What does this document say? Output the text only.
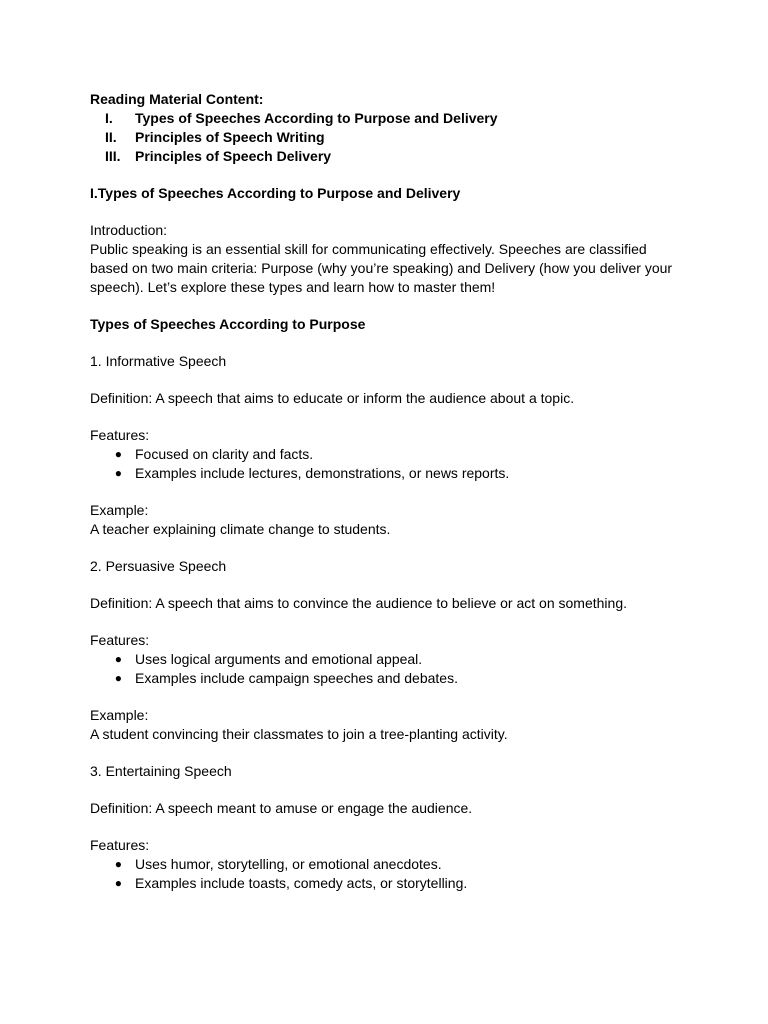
Reading Material Content:

I.	Types of Speeches According to Purpose and Delivery
II.	Principles of Speech Writing
III.	Principles of Speech Delivery

I.Types of Speeches According to Purpose and Delivery

Introduction:

Public speaking is an essential skill for communicating effectively. Speeches are classified based on two main criteria: Purpose (why you’re speaking) and Delivery (how you deliver your speech). Let’s explore these types and learn how to master them!

Types of Speeches According to Purpose

1. Informative Speech

Definition: A speech that aims to educate or inform the audience about a topic.

Features:

● Focused on clarity and facts.
● Examples include lectures, demonstrations, or news reports.

Example:

A teacher explaining climate change to students.

2. Persuasive Speech

Definition: A speech that aims to convince the audience to believe or act on something.

Features:

● Uses logical arguments and emotional appeal.
● Examples include campaign speeches and debates.

Example:

A student convincing their classmates to join a tree-planting activity.

3. Entertaining Speech

Definition: A speech meant to amuse or engage the audience.

Features:

● Uses humor, storytelling, or emotional anecdotes.
● Examples include toasts, comedy acts, or storytelling.
